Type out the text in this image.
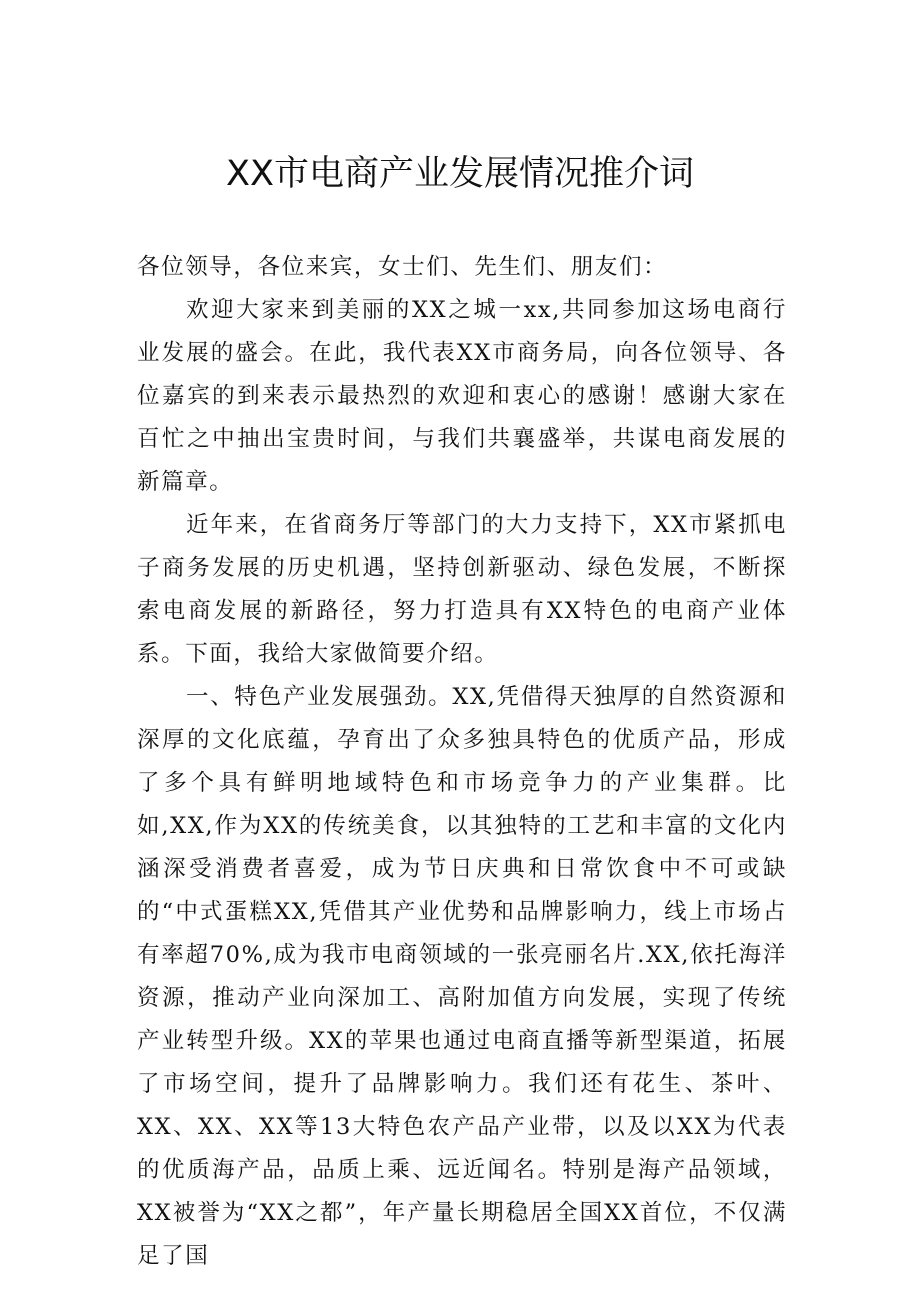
XX市电商产业发展情况推介词

各位领导，各位来宾，女士们、先生们、朋友们：

欢迎大家来到美丽的XX之城一xx,共同参加这场电商行业发展的盛会。在此，我代表XX市商务局，向各位领导、各位嘉宾的到来表示最热烈的欢迎和衷心的感谢！感谢大家在百忙之中抽出宝贵时间，与我们共襄盛举，共谋电商发展的新篇章。

近年来，在省商务厅等部门的大力支持下，XX市紧抓电子商务发展的历史机遇，坚持创新驱动、绿色发展，不断探索电商发展的新路径，努力打造具有XX特色的电商产业体系。下面，我给大家做简要介绍。

一、特色产业发展强劲。XX,凭借得天独厚的自然资源和深厚的文化底蕴，孕育出了众多独具特色的优质产品，形成了多个具有鲜明地域特色和市场竞争力的产业集群。比如,XX,作为XX的传统美食，以其独特的工艺和丰富的文化内涵深受消费者喜爱，成为节日庆典和日常饮食中不可或缺的“中式蛋糕XX,凭借其产业优势和品牌影响力，线上市场占有率超70%,成为我市电商领域的一张亮丽名片.XX,依托海洋资源，推动产业向深加工、高附加值方向发展，实现了传统产业转型升级。XX的苹果也通过电商直播等新型渠道，拓展了市场空间，提升了品牌影响力。我们还有花生、茶叶、XX、XX、XX等13大特色农产品产业带，以及以XX为代表的优质海产品，品质上乘、远近闻名。特别是海产品领域，XX被誉为“XX之都”，年产量长期稳居全国XX首位，不仅满足了国
